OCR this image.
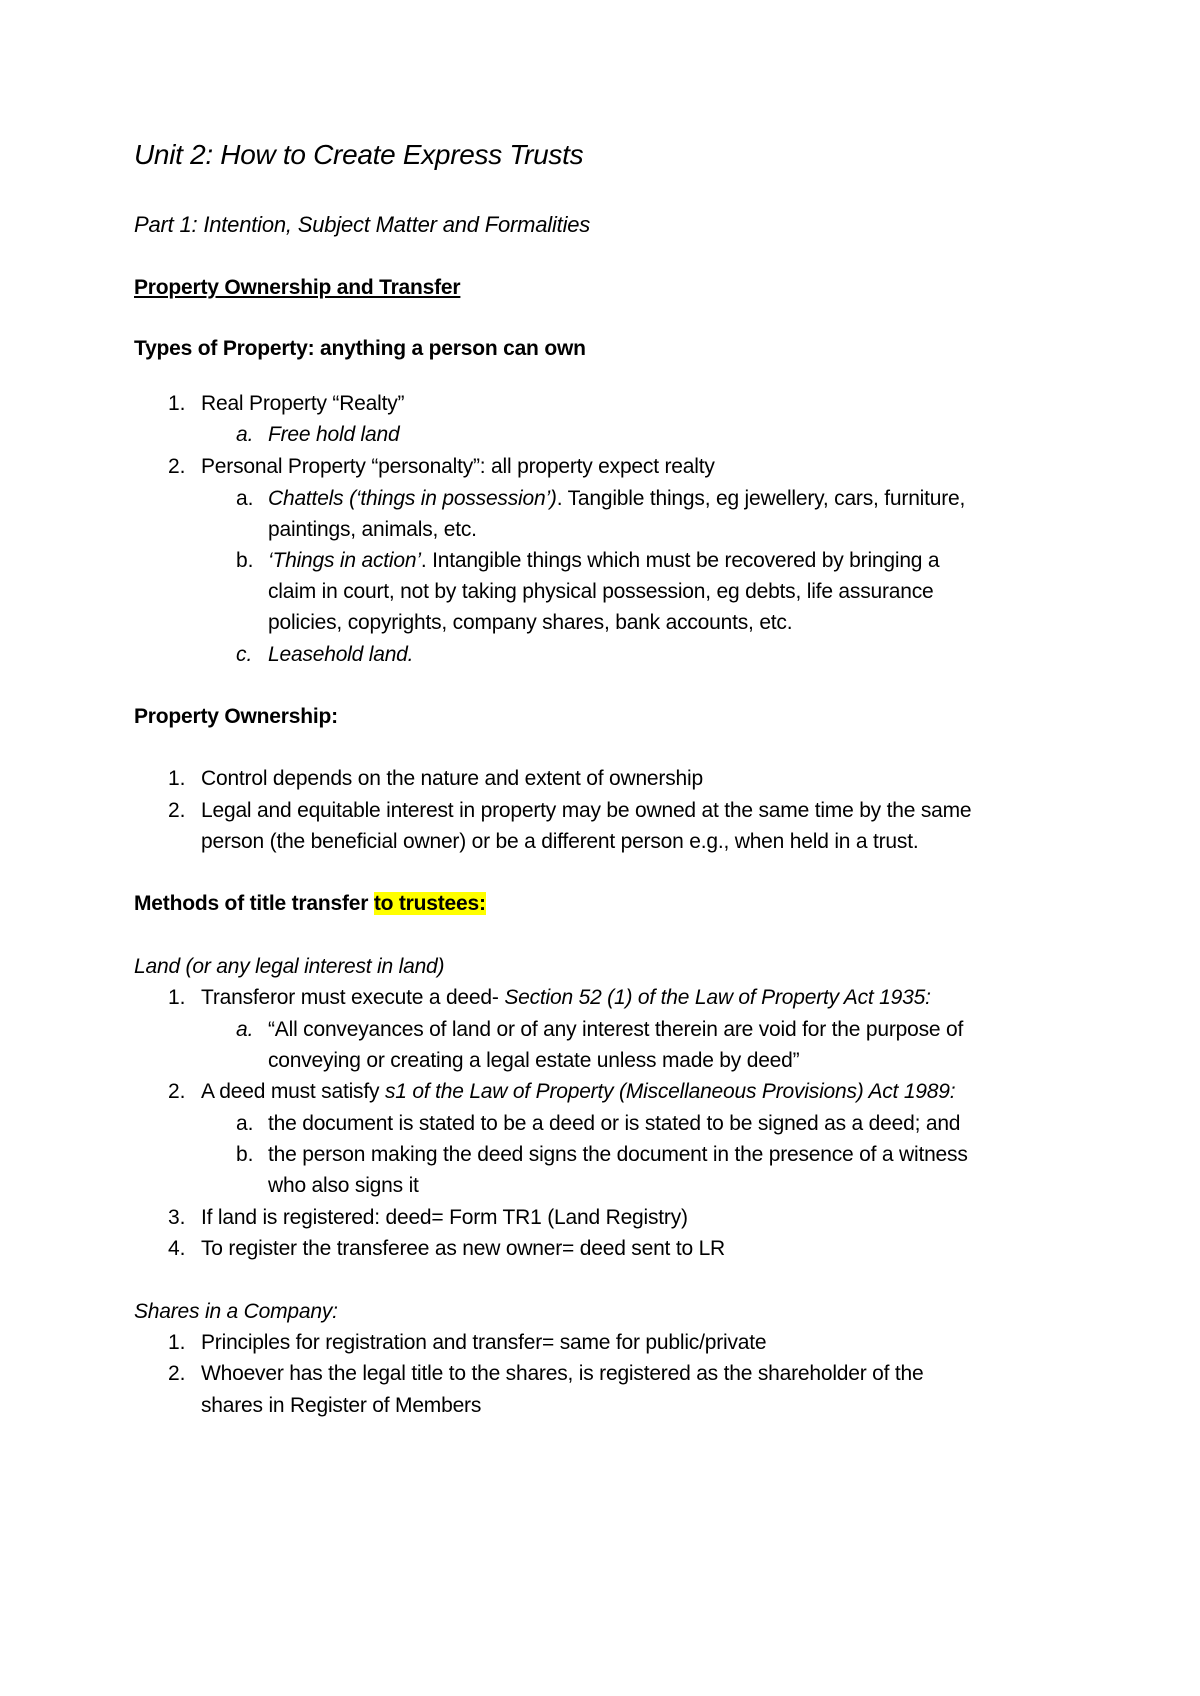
Unit 2: How to Create Express Trusts
Part 1: Intention, Subject Matter and Formalities
Property Ownership and Transfer
Types of Property: anything a person can own
1. Real Property “Realty”
a. Free hold land
2. Personal Property “personalty”: all property expect realty
a. Chattels (‘things in possession’). Tangible things, eg jewellery, cars, furniture,
paintings, animals, etc.
b. ‘Things in action’. Intangible things which must be recovered by bringing a
claim in court, not by taking physical possession, eg debts, life assurance
policies, copyrights, company shares, bank accounts, etc.
c. Leasehold land.
Property Ownership:
1. Control depends on the nature and extent of ownership
2. Legal and equitable interest in property may be owned at the same time by the same
person (the beneficial owner) or be a different person e.g., when held in a trust.
Methods of title transfer to trustees:
Land (or any legal interest in land)
1. Transferor must execute a deed- Section 52 (1) of the Law of Property Act 1935:
a. “All conveyances of land or of any interest therein are void for the purpose of
conveying or creating a legal estate unless made by deed”
2. A deed must satisfy s1 of the Law of Property (Miscellaneous Provisions) Act 1989:
a. the document is stated to be a deed or is stated to be signed as a deed; and
b. the person making the deed signs the document in the presence of a witness
who also signs it
3. If land is registered: deed= Form TR1 (Land Registry)
4. To register the transferee as new owner= deed sent to LR
Shares in a Company:
1. Principles for registration and transfer= same for public/private
2. Whoever has the legal title to the shares, is registered as the shareholder of the
shares in Register of Members
